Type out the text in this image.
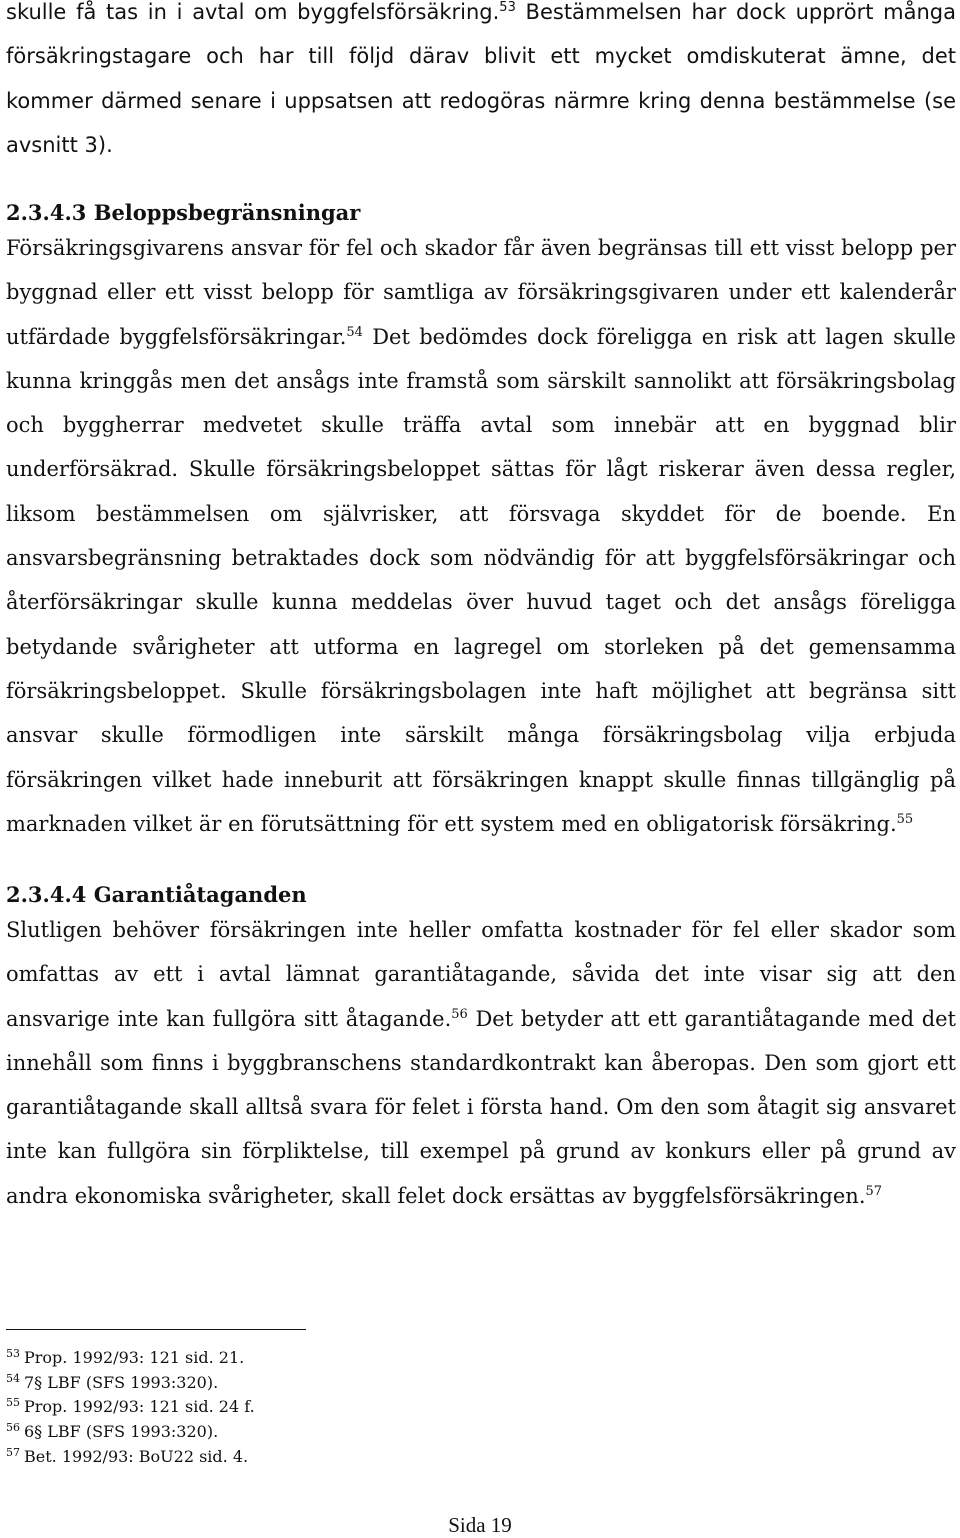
skulle få tas in i avtal om byggfelsförsäkring.$^{53}$ Bestämmelsen har dock upprört många försäkringstagare och har till följd därav blivit ett mycket omdiskuterat ämne, det kommer därmed senare i uppsatsen att redogöras närmre kring denna bestämmelse (se avsnitt 3).

2.3.4.3 Beloppsbegränsningar

Försäkringsgivarens ansvar för fel och skador får även begränsas till ett visst belopp per byggnad eller ett visst belopp för samtliga av försäkringsgivaren under ett kalenderår utfärdade byggfelsförsäkringar.$^{54}$ Det bedömdes dock föreligga en risk att lagen skulle kunna kringgås men det ansågs inte framstå som särskilt sannolikt att försäkringsbolag och byggherrar medvetet skulle träffa avtal som innebär att en byggnad blir underförsäkrad. Skulle försäkringsbeloppet sättas för lågt riskerar även dessa regler, liksom bestämmelsen om självrisker, att försvaga skyddet för de boende. En ansvarsbegränsning betraktades dock som nödvändig för att byggfelsförsäkringar och återförsäkringar skulle kunna meddelas över huvud taget och det ansågs föreligga betydande svårigheter att utforma en lagregel om storleken på det gemensamma försäkringsbeloppet. Skulle försäkringsbolagen inte haft möjlighet att begränsa sitt ansvar skulle förmodligen inte särskilt många försäkringsbolag vilja erbjuda försäkringen vilket hade inneburit att försäkringen knappt skulle finnas tillgänglig på marknaden vilket är en förutsättning för ett system med en obligatorisk försäkring.$^{55}$

2.3.4.4 Garantiåtaganden

Slutligen behöver försäkringen inte heller omfatta kostnader för fel eller skador som omfattas av ett i avtal lämnat garantiåtagande, såvida det inte visar sig att den ansvarige inte kan fullgöra sitt åtagande.$^{56}$ Det betyder att ett garantiåtagande med det innehåll som finns i byggbranschens standardkontrakt kan åberopas. Den som gjort ett garantiåtagande skall alltså svara för felet i första hand. Om den som åtagit sig ansvaret inte kan fullgöra sin förpliktelse, till exempel på grund av konkurs eller på grund av andra ekonomiska svårigheter, skall felet dock ersättas av byggfelsförsäkringen.$^{57}$

$^{53}$ Prop. 1992/93: 121 sid. 21.
$^{54}$ 7§ LBF (SFS 1993:320).
$^{55}$ Prop. 1992/93: 121 sid. 24 f.
$^{56}$ 6§ LBF (SFS 1993:320).
$^{57}$ Bet. 1992/93: BoU22 sid. 4.
Sida 19
